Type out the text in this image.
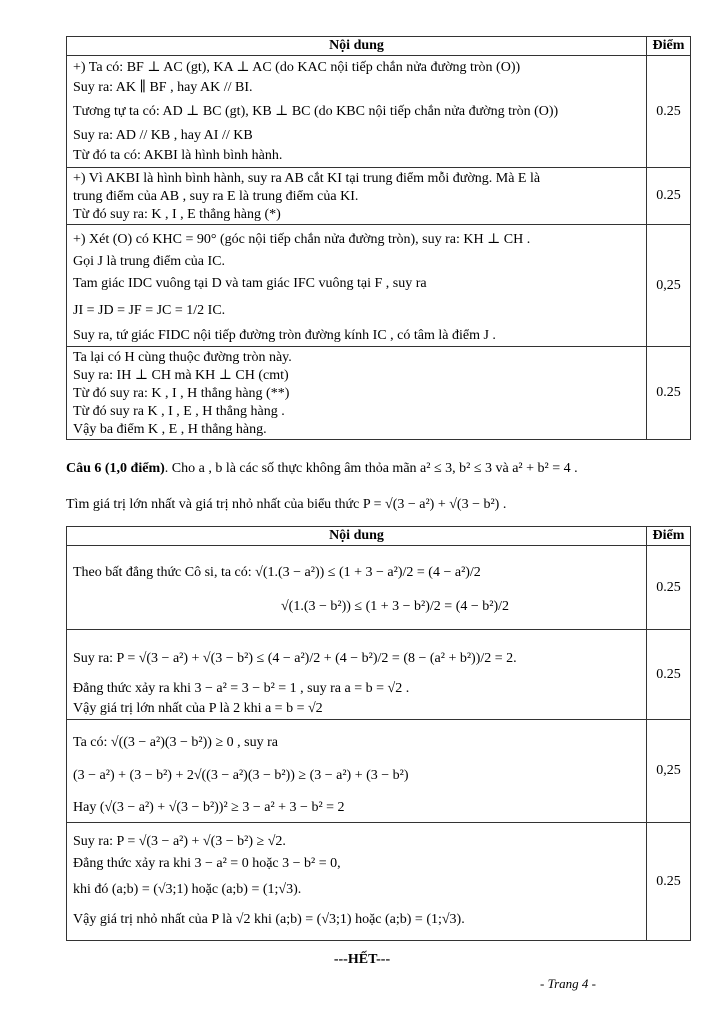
Nội dung	Điểm

+) Ta có: BF ⊥ AC (gt), KA ⊥ AC (do KAC nội tiếp chắn nửa đường tròn (O))
Suy ra: AK ∥ BF , hay AK // BI.
Tương tự ta có: AD ⊥ BC (gt), KB ⊥ BC (do KBC nội tiếp chắn nửa đường tròn (O))
Suy ra: AD // KB , hay AI // KB
Từ đó ta có: AKBI là hình bình hành.	0.25

+) Vì AKBI là hình bình hành, suy ra AB cắt KI tại trung điểm mỗi đường. Mà E là
trung điểm của AB , suy ra E là trung điểm của KI.
Từ đó suy ra: K , I , E thẳng hàng (*)	0.25

+) Xét (O) có KHC = 90° (góc nội tiếp chắn nửa đường tròn), suy ra: KH ⊥ CH .
Gọi J là trung điểm của IC.
Tam giác IDC vuông tại D và tam giác IFC vuông tại F , suy ra
JI = JD = JF = JC = 1/2 IC.
Suy ra, tứ giác FIDC nội tiếp đường tròn đường kính IC , có tâm là điểm J .	0,25

Ta lại có H cùng thuộc đường tròn này.
Suy ra: IH ⊥ CH mà KH ⊥ CH (cmt)
Từ đó suy ra: K , I , H thẳng hàng (**)
Từ đó suy ra K , I , E , H thẳng hàng .
Vậy ba điểm K , E , H thẳng hàng.	0.25
Câu 6 (1,0 điểm). Cho a , b là các số thực không âm thỏa mãn a² ≤ 3, b² ≤ 3 và a² + b² = 4 .
Tìm giá trị lớn nhất và giá trị nhỏ nhất của biểu thức P = √(3 − a²) + √(3 − b²) .
Nội dung	Điểm

Theo bất đẳng thức Cô si, ta có: √(1.(3 − a²)) ≤ (1 + 3 − a²)/2 = (4 − a²)/2
√(1.(3 − b²)) ≤ (1 + 3 − b²)/2 = (4 − b²)/2	0.25

Suy ra: P = √(3 − a²) + √(3 − b²) ≤ (4 − a²)/2 + (4 − b²)/2 = (8 − (a² + b²))/2 = 2.
Đẳng thức xảy ra khi 3 − a² = 3 − b² = 1 , suy ra a = b = √2 .
Vậy giá trị lớn nhất của P là 2 khi a = b = √2	0.25

Ta có: √((3 − a²)(3 − b²)) ≥ 0 , suy ra
(3 − a²) + (3 − b²) + 2√((3 − a²)(3 − b²)) ≥ (3 − a²) + (3 − b²)
Hay (√(3 − a²) + √(3 − b²))² ≥ 3 − a² + 3 − b² = 2	0,25

Suy ra: P = √(3 − a²) + √(3 − b²) ≥ √2.
Đẳng thức xảy ra khi 3 − a² = 0 hoặc 3 − b² = 0,
khi đó (a;b) = (√3;1) hoặc (a;b) = (1;√3).
Vậy giá trị nhỏ nhất của P là √2 khi (a;b) = (√3;1) hoặc (a;b) = (1;√3).	0.25
---HẾT---
- Trang 4 -
